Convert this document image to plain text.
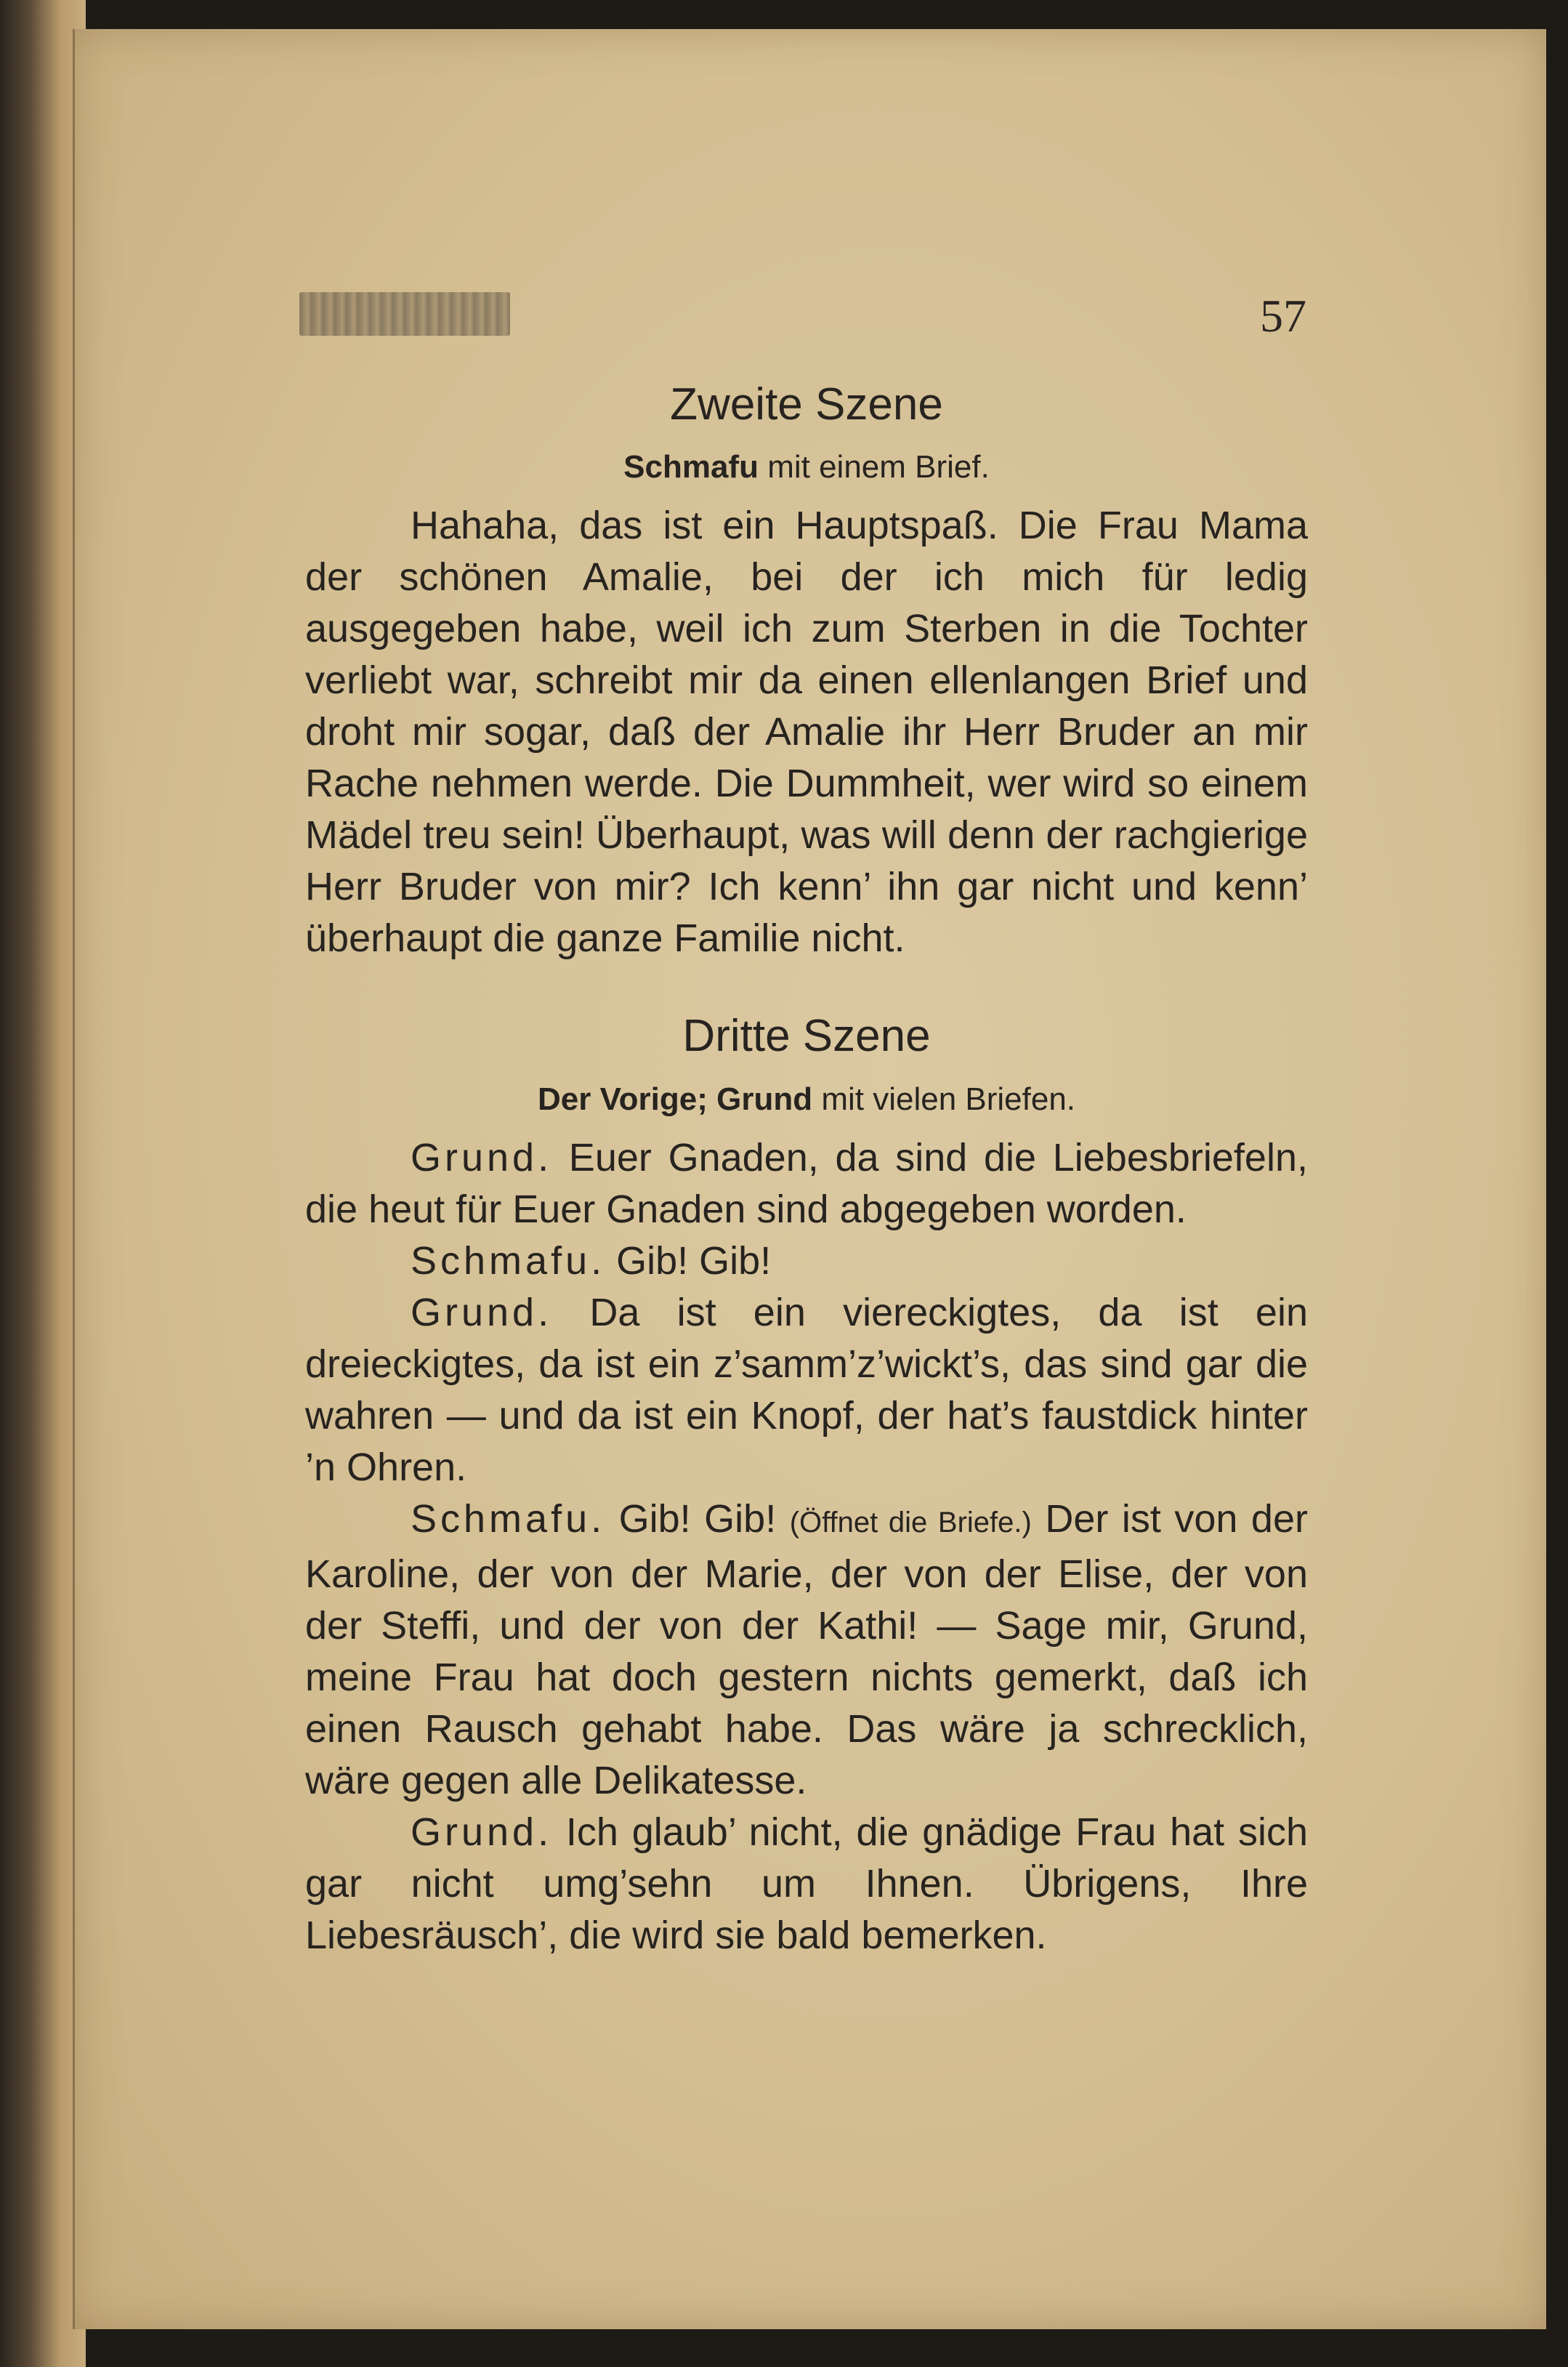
57
Zweite Szene
Schmafu mit einem Brief.

Hahaha, das ist ein Hauptspaß. Die Frau Mama der schönen Amalie, bei der ich mich für ledig ausgegeben habe, weil ich zum Sterben in die Tochter verliebt war, schreibt mir da einen ellenlangen Brief und droht mir sogar, daß der Amalie ihr Herr Bruder an mir Rache nehmen werde. Die Dummheit, wer wird so einem Mädel treu sein! Überhaupt, was will denn der rachgierige Herr Bruder von mir? Ich kenn’ ihn gar nicht und kenn’ überhaupt die ganze Familie nicht.

Dritte Szene
Der Vorige; Grund mit vielen Briefen.

Grund. Euer Gnaden, da sind die Liebesbriefeln, die heut für Euer Gnaden sind abgegeben worden.

Schmafu. Gib! Gib!

Grund. Da ist ein viereckigtes, da ist ein dreieckigtes, da ist ein z’samm’z’wickt’s, das sind gar die wahren — und da ist ein Knopf, der hat’s faustdick hinter ’n Ohren.

Schmafu. Gib! Gib! (Öffnet die Briefe.) Der ist von der Karoline, der von der Marie, der von der Elise, der von der Steffi, und der von der Kathi! — Sage mir, Grund, meine Frau hat doch gestern nichts gemerkt, daß ich einen Rausch gehabt habe. Das wäre ja schrecklich, wäre gegen alle Delikatesse.

Grund. Ich glaub’ nicht, die gnädige Frau hat sich gar nicht umg’sehn um Ihnen. Übrigens, Ihre Liebesräusch’, die wird sie bald bemerken.
